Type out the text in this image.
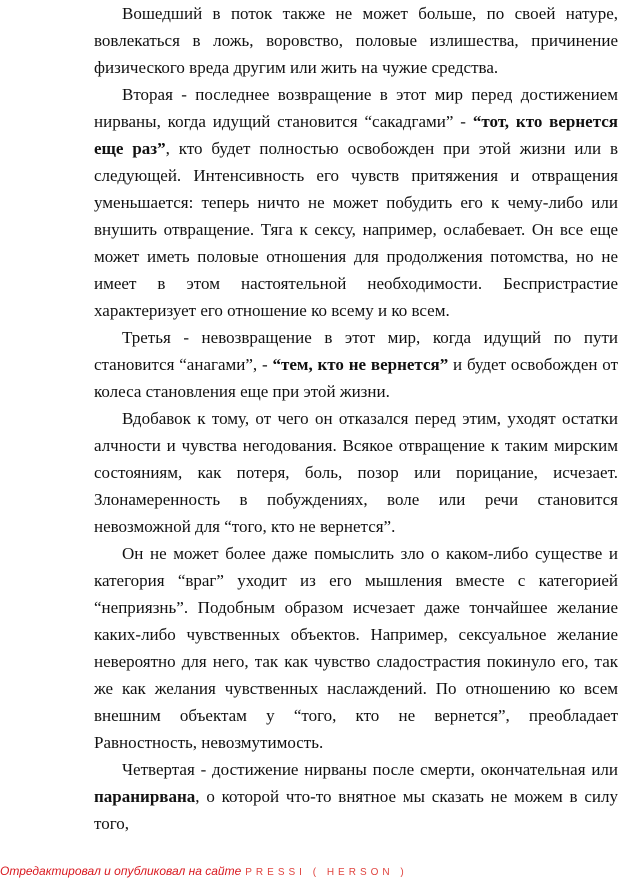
Вошедший в поток также не может больше, по своей натуре, вовлекаться в ложь, воровство, половые излишества, причинение физического вреда другим или жить на чужие средства.

Вторая - последнее возвращение в этот мир перед достижением нирваны, когда идущий становится “сакадгами” - “тот, кто вернется еще раз”, кто будет полностью освобожден при этой жизни или в следующей. Интенсивность его чувств притяжения и отвращения уменьшается: теперь ничто не может побудить его к чему-либо или внушить отвращение. Тяга к сексу, например, ослабевает. Он все еще может иметь половые отношения для продолжения потомства, но не имеет в этом настоятельной необходимости. Беспристрастие характеризует его отношение ко всему и ко всем.

Третья - невозвращение в этот мир, когда идущий по пути становится “анагами”, - “тем, кто не вернется” и будет освобожден от колеса становления еще при этой жизни.

Вдобавок к тому, от чего он отказался перед этим, уходят остатки алчности и чувства негодования. Всякое отвращение к таким мирским состояниям, как потеря, боль, позор или порицание, исчезает. Злонамеренность в побуждениях, воле или речи становится невозможной для “того, кто не вернется”.

Он не может более даже помыслить зло о каком-либо существе и категория “враг” уходит из его мышления вместе с категорией “неприязнь”. Подобным образом исчезает даже тончайшее желание каких-либо чувственных объектов. Например, сексуальное желание невероятно для него, так как чувство сладострастия покинуло его, так же как желания чувственных наслаждений. По отношению ко всем внешним объектам у “того, кто не вернется”, преобладает Равностность, невозмутимость.

Четвертая - достижение нирваны после смерти, окончательная или паранирвана, о которой что-то внятное мы сказать не можем в силу того,

Отредактировал и опубликовал на сайте PRESSI ( HERSON )
